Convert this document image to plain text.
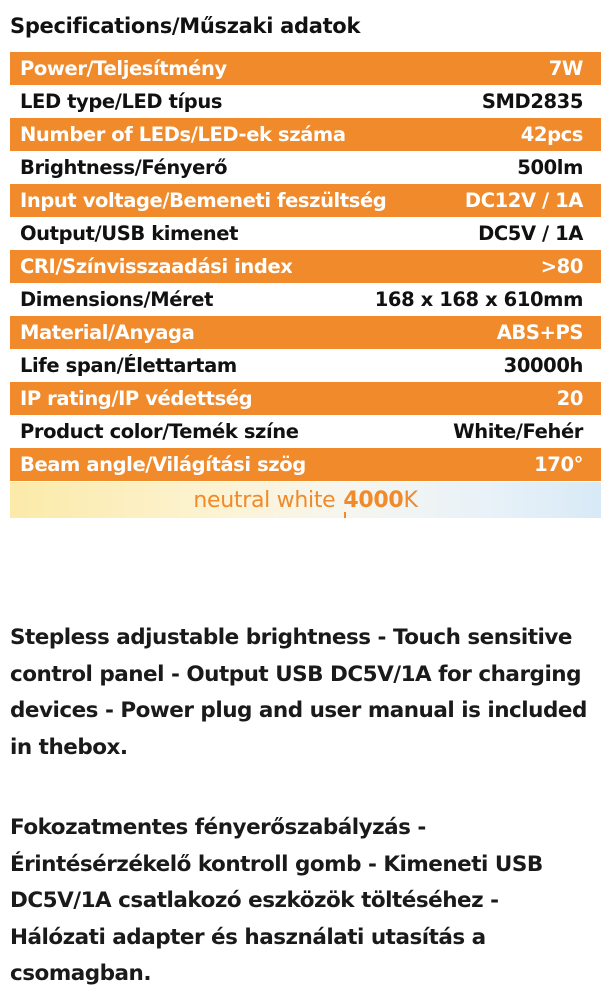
Specifications/Műszaki adatok
Power/Teljesítmény	7W
LED type/LED típus	SMD2835
Number of LEDs/LED-ek száma	42pcs
Brightness/Fényerő	500lm
Input voltage/Bemeneti feszültség	DC12V / 1A
Output/USB kimenet	DC5V / 1A
CRI/Színvisszaadási index	>80
Dimensions/Méret	168 x 168 x 610mm
Material/Anyaga	ABS+PS
Life span/Élettartam	30000h
IP rating/IP védettség	20
Product color/Temék színe	White/Fehér
Beam angle/Világítási szög	170°
neutral white 4000K
Stepless adjustable brightness - Touch sensitive control panel - Output USB DC5V/1A for charging devices - Power plug and user manual is included in thebox.
Fokozatmentes fényerőszabályzás - Érintésérzékelő kontroll gomb - Kimeneti USB DC5V/1A csatlakozó eszközök töltéséhez - Hálózati adapter és használati utasítás a csomagban.
